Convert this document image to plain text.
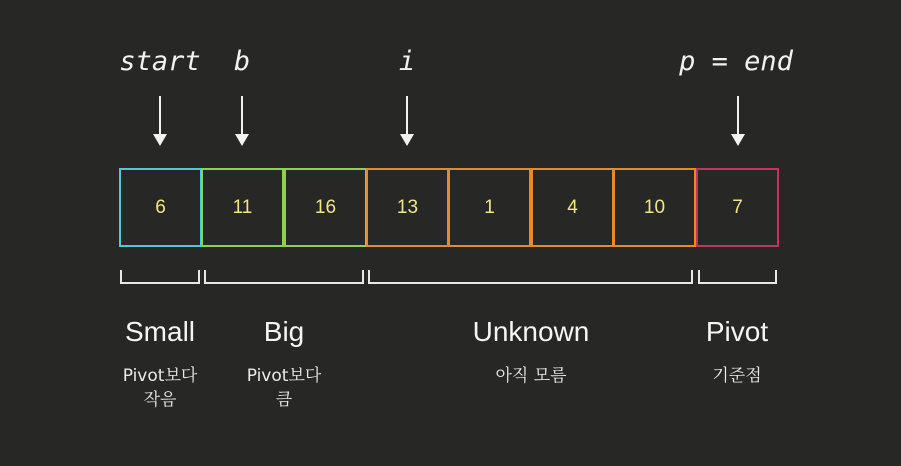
start b	i	p = end
6	11	16	13	1	4	10	7
Small Big	Unknown	Pivot
Pivot보다
작음
Pivot보다
큼
아직 모름	기준점
